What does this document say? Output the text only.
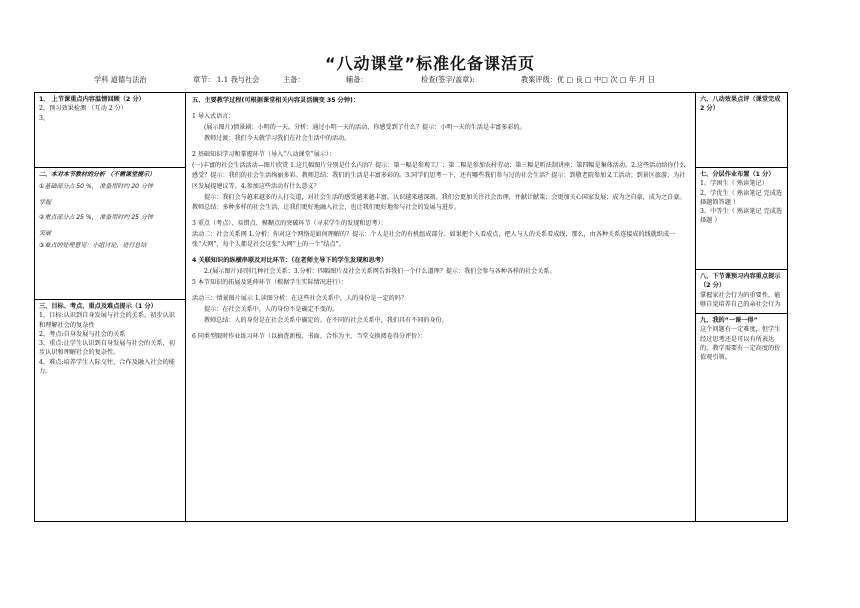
“八动课堂”标准化备课活页
学科 道德与法治	章节： 1.1 我与社会	主备：	辅备：	检查(签字/盖章):	教案评级：优 □ 良 □ 中□ 次 □ 年 月 日

1、 上节课重点内容温情回顾（2 分）

2、预习效果检测 （互动 2 分）

3、

二、本对本节教材的分析 （不需课堂提示）

①基础部分占 50 %， 准备用时约 20 分钟

掌握

②重点部分占 25 %， 准备用时约 25 分钟

突破

③难点的处理意见：小组讨论，进行总结

三、目标、考点、重点及难点提示（1 分）

1、目标:认识到自身发展与社会的关系，初步认识和理解社会的复杂性

2、考点:自身发展与社会的关系

3、重点:让学生认识到自身发展与社会的关系，初步认识和理解社会的复杂性。

4、难点:培养学生人际交往、合作及融入社会的能力。

五、主要教学过程(可根据课堂相关内容灵活摘变 35 分钟)：

1 导入式语言：

(展示图片)情景剧：小明的一天。分析：通过小明一天的活动，你感受到了什么？提示：小明一天的生活是丰富多彩的。

教师过渡：我们今天就学习我们在社会生活中的活动。

2 基础知识学习和掌握环节（导入“八动课堂”展示）：

(一)丰富的社会生活活动—图片欣赏 1.这几幅图片分别是什么内容？提示：第一幅是参观工厂；第二幅是参加农村劳动；第三幅是听法制讲座；第四幅是集体活动。2.这些活动给你什么感受？提示：我们的社会生活绚丽多彩。教师总结：我们的生活是丰富多彩的。3.同学们思考一下，还有哪些我们参与过的社会生活？提示：到敬老院参加义工活动；到景区旅游；为社区发展提建议等。4.参加这些活动有什么意义？

提示：我们会与越来越多的人打交道，对社会生活的感受越来越丰富、认识越来越深刻。我们会更加关注社会治理，并献计献策；会更加关心国家发展；成为之自豪，成为之自豪。教师总结：多种多样的社会生活，让我们更好地融入社会，也让我们更好地参与社会的发展与进步。

3 重点（考点）、易错点、模糊点的突破环节（寻求学生的发现和思考）：

活动二：社会关系网 1.分析：你对这个网络是如何理解的？提示：个人是社会的有机组成部分。如果把个人看成点，把人与人的关系看成线，那么，由各种关系连接成的线就织成一张“大网”，每个人都是社会这张“大网”上的一个“结点”。

4 关联知识的纵横串联及对比环节：（在老师主导下的学生发现和思考）

2.(展示图片)识别几种社会关系；3.分析：四幅图片及社会关系网告诉我们一个什么道理？提示：我们会参与各种各样的社会关系。

5 本节知识的拓展及延伸环节（根据学生实际情况进行）：

活动三：情景图片展示 1.读图分析：在这些社会关系中，人的身份是一定的吗？

提示：在社会关系中，人的身份不是确定不变的。

教师总结：人的身份是在社会关系中确定的。在不同的社会关系中，我们具有不同的身份。

6 同类型限时作业练习环节（以抽查新板、书面、合作为主，当堂交换阅卷得分评价）：

六、八动效果点评（课堂完成 2 分）

七、分层作业布置（1 分）

1、学困生（ 熟读笔记）

2、学优生（ 熟读笔记 完成选择题简答题 ）

3、中等生（ 熟读笔记 完成选择题 ）

八、下节课预习内容重点提示（2 分）

掌握家社会行为的重要性，能够自觉培养自己的亲社会行为

九、我的“一课一得”

这个问题有一定难度，但学生经过思考还是可以有所表达的，教学需要有一定高度的价值观引领。
